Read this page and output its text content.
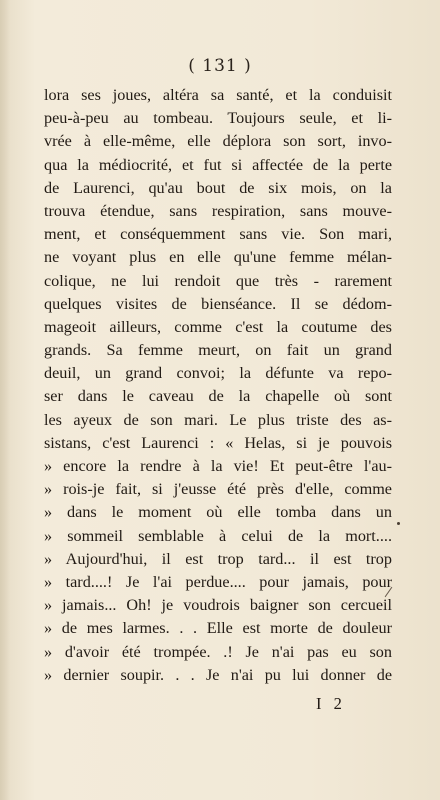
( 131 )
lora ses joues, altéra sa santé, et la conduisit
peu-à-peu au tombeau. Toujours seule, et li-
vrée à elle-même, elle déplora son sort, invo-
qua la médiocrité, et fut si affectée de la perte
de Laurenci, qu'au bout de six mois, on la
trouva étendue, sans respiration, sans mouve-
ment, et conséquemment sans vie. Son mari,
ne voyant plus en elle qu'une femme mélan-
colique, ne lui rendoit que très - rarement
quelques visites de bienséance. Il se dédom-
mageoit ailleurs, comme c'est la coutume des
grands. Sa femme meurt, on fait un grand
deuil, un grand convoi; la défunte va repo-
ser dans le caveau de la chapelle où sont
les ayeux de son mari. Le plus triste des as-
sistans, c'est Laurenci : « Helas, si je pouvois
» encore la rendre à la vie! Et peut-être l'au-
» rois-je fait, si j'eusse été près d'elle, comme
» dans le moment où elle tomba dans un
» sommeil semblable à celui de la mort....
» Aujourd'hui, il est trop tard... il est trop
» tard....! Je l'ai perdue.... pour jamais, pour
» jamais... Oh! je voudrois baigner son cercueil
» de mes larmes. . . Elle est morte de douleur
» d'avoir été trompée. .! Je n'ai pas eu son
» dernier soupir. . . Je n'ai pu lui donner de
I 2
